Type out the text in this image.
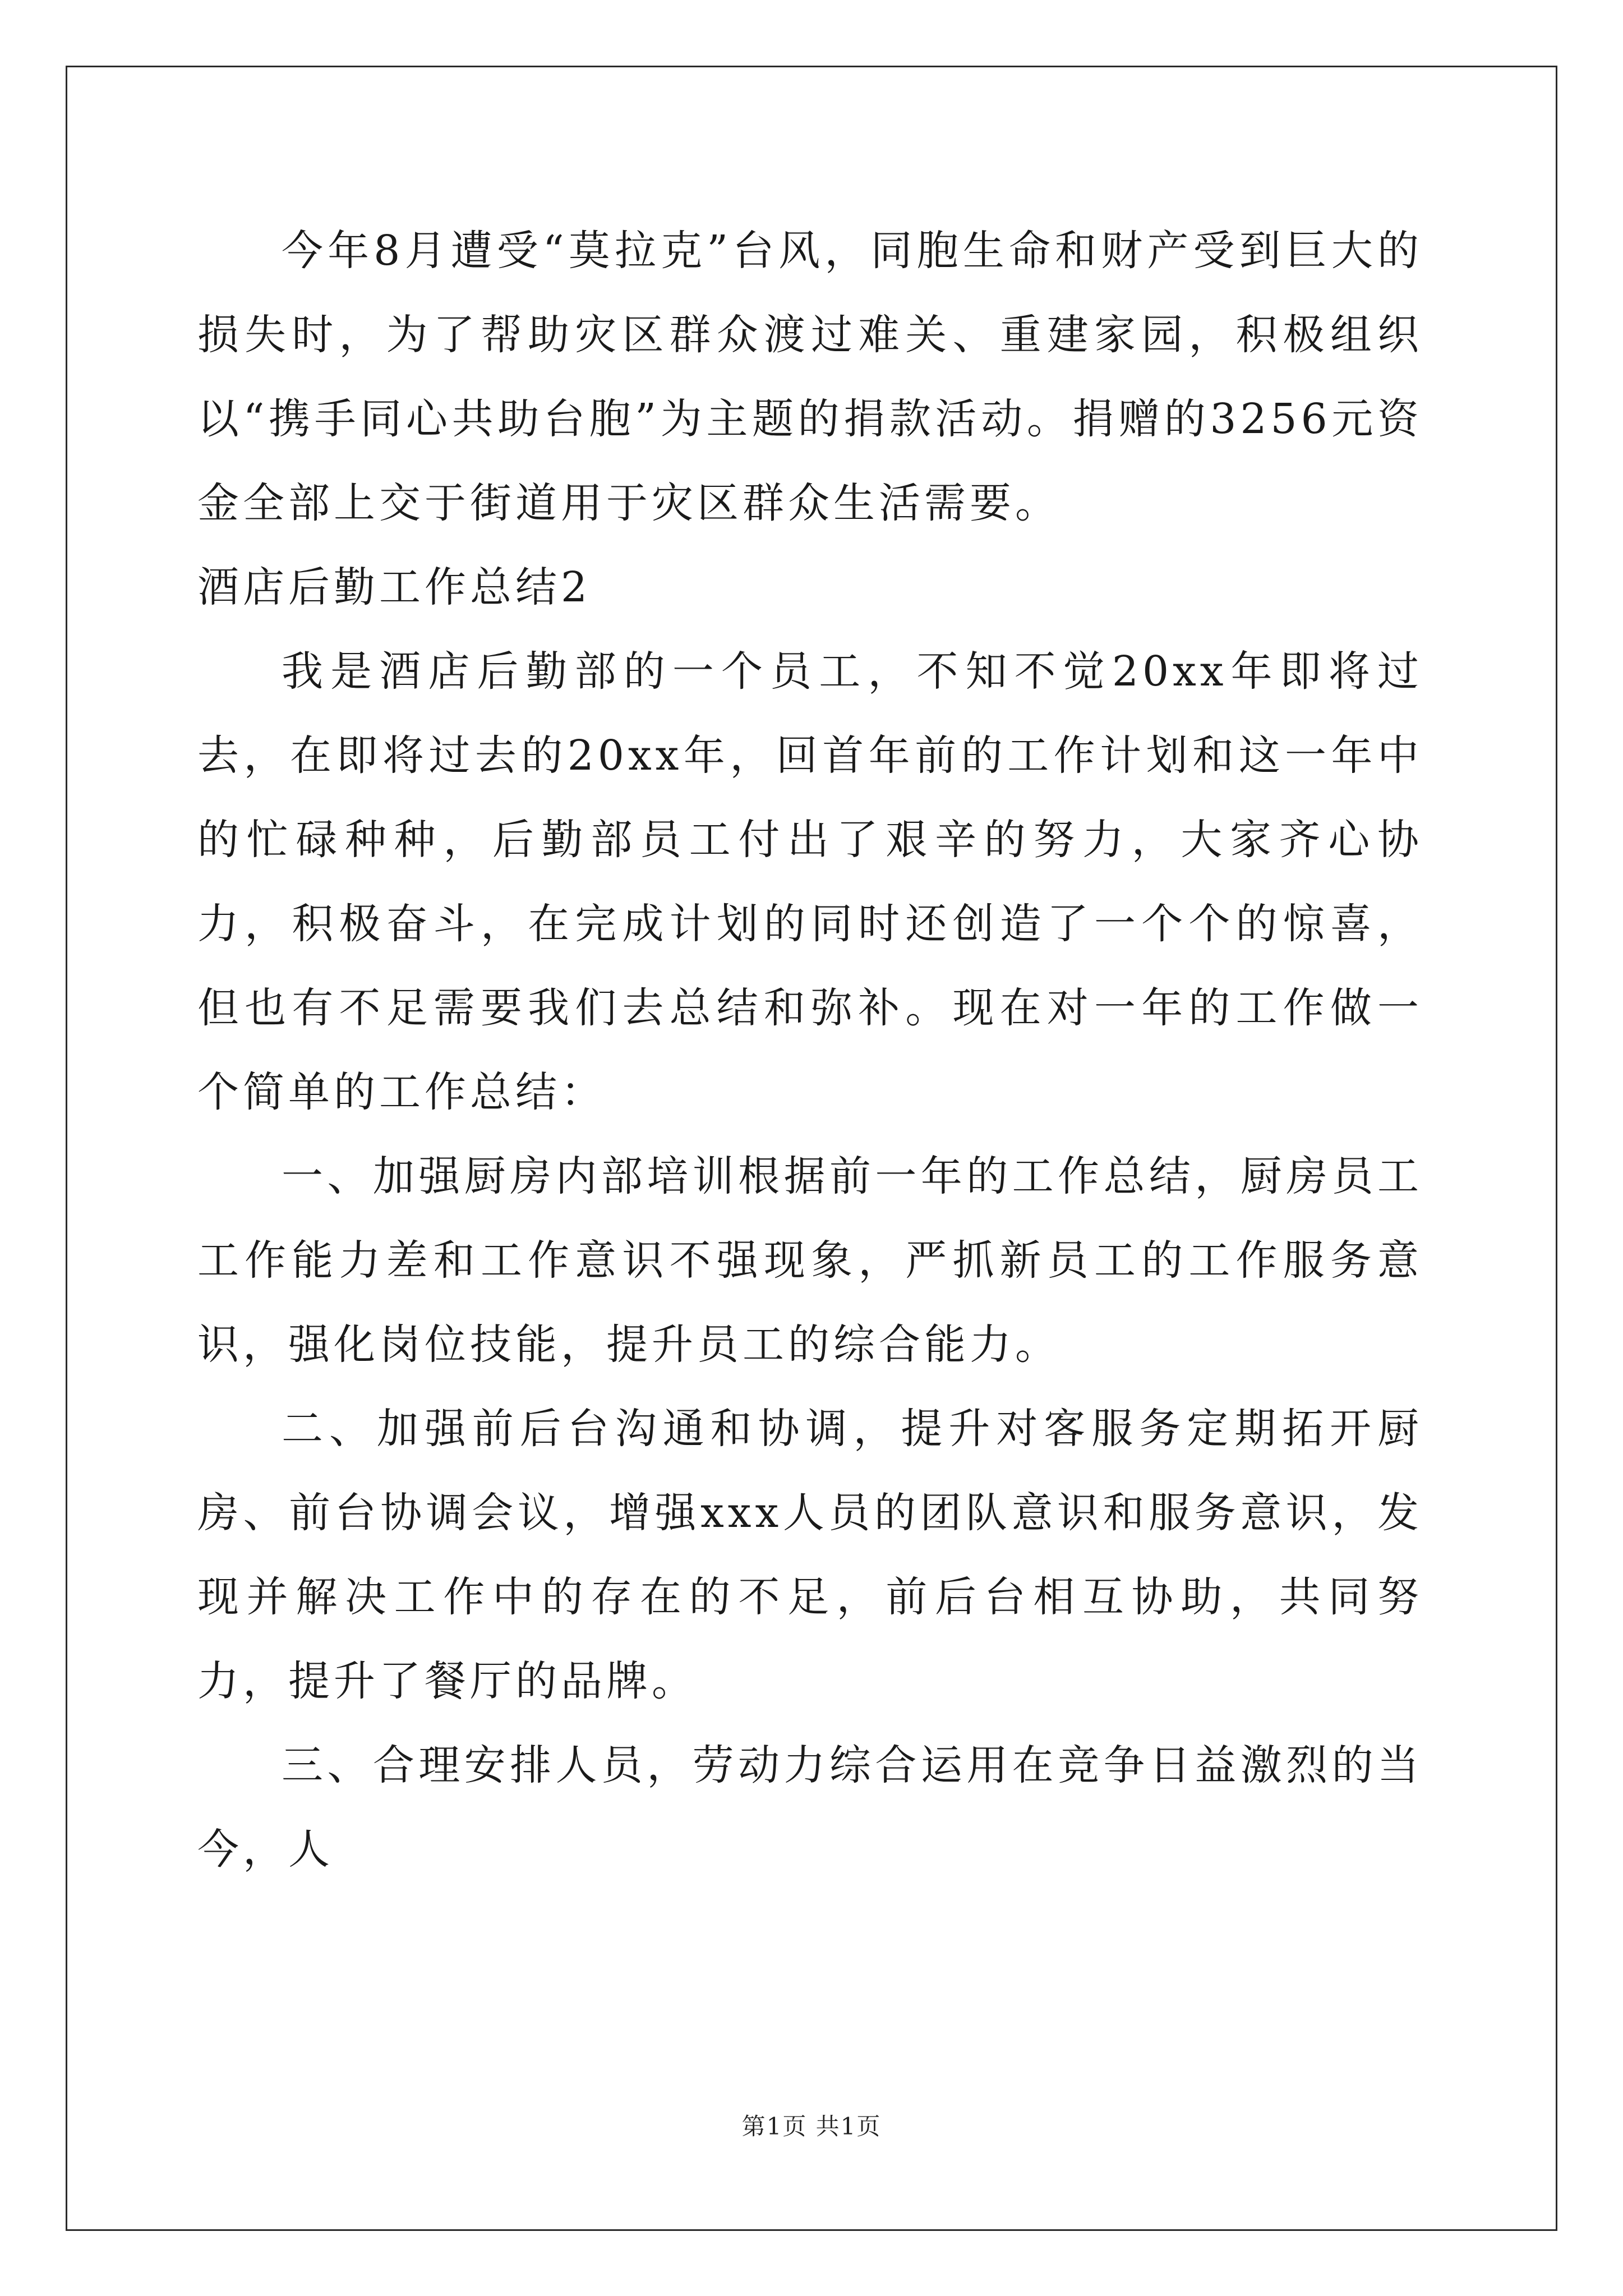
今年8月遭受“莫拉克”台风，同胞生命和财产受到巨大的损失时，为了帮助灾区群众渡过难关、重建家园，积极组织以“携手同心共助台胞”为主题的捐款活动。捐赠的3256元资金全部上交于街道用于灾区群众生活需要。

酒店后勤工作总结2

我是酒店后勤部的一个员工，不知不觉20xx年即将过去，在即将过去的20xx年，回首年前的工作计划和这一年中的忙碌种种，后勤部员工付出了艰辛的努力，大家齐心协力，积极奋斗，在完成计划的同时还创造了一个个的惊喜，但也有不足需要我们去总结和弥补。现在对一年的工作做一个简单的工作总结：

一、加强厨房内部培训根据前一年的工作总结，厨房员工工作能力差和工作意识不强现象，严抓新员工的工作服务意识，强化岗位技能，提升员工的综合能力。

二、加强前后台沟通和协调，提升对客服务定期拓开厨房、前台协调会议，增强xxx人员的团队意识和服务意识，发现并解决工作中的存在的不足，前后台相互协助，共同努力，提升了餐厅的品牌。

三、合理安排人员，劳动力综合运用在竞争日益激烈的当今，人

第1页 共1页
